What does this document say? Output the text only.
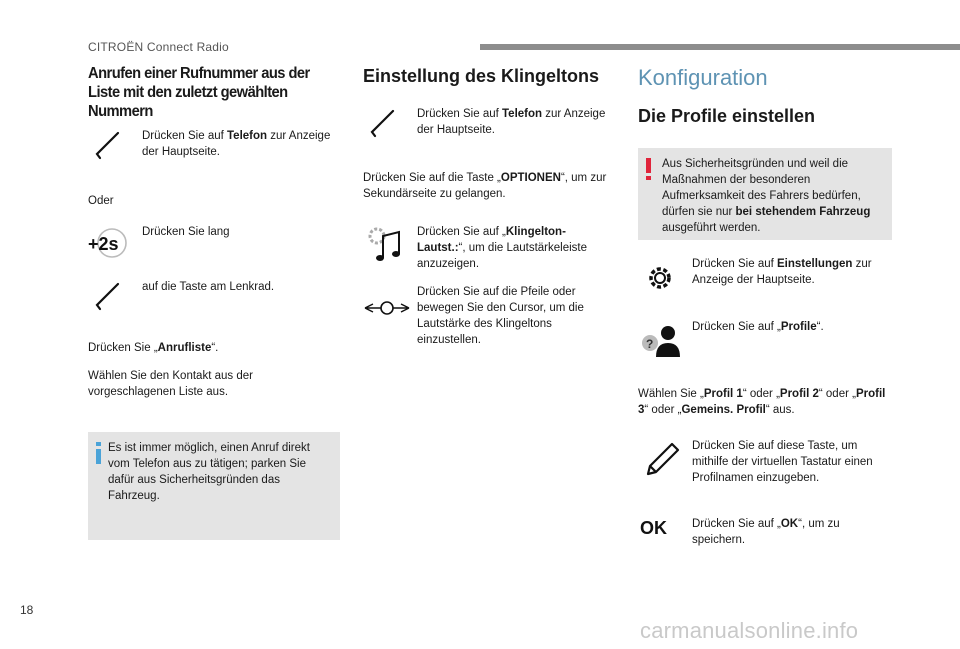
CITROËN Connect Radio
Anrufen einer Rufnummer aus der Liste mit den zuletzt gewählten Nummern
Drücken Sie auf Telefon zur Anzeige der Hauptseite.
Oder
+2s
Drücken Sie lang
auf die Taste am Lenkrad.
Drücken Sie „Anrufliste“.
Wählen Sie den Kontakt aus der vorgeschlagenen Liste aus.
Es ist immer möglich, einen Anruf direkt vom Telefon aus zu tätigen; parken Sie dafür aus Sicherheitsgründen das Fahrzeug.
Einstellung des Klingeltons
Drücken Sie auf Telefon zur Anzeige der Hauptseite.
Drücken Sie auf die Taste „OPTIONEN“, um zur Sekundärseite zu gelangen.
Drücken Sie auf „Klingelton-Lautst.:“, um die Lautstärkeleiste anzuzeigen.
Drücken Sie auf die Pfeile oder bewegen Sie den Cursor, um die Lautstärke des Klingeltons einzustellen.
Konfiguration
Die Profile einstellen
Aus Sicherheitsgründen und weil die Maßnahmen der besonderen Aufmerksamkeit des Fahrers bedürfen, dürfen sie nur bei stehendem Fahrzeug ausgeführt werden.
Drücken Sie auf Einstellungen zur Anzeige der Hauptseite.
?
Drücken Sie auf „Profile“.
Wählen Sie „Profil 1“ oder „Profil 2“ oder „Profil 3“ oder „Gemeins. Profil“ aus.
Drücken Sie auf diese Taste, um mithilfe der virtuellen Tastatur einen Profilnamen einzugeben.
OK Drücken Sie auf „OK“, um zu speichern.
18
carmanualsonline.info
